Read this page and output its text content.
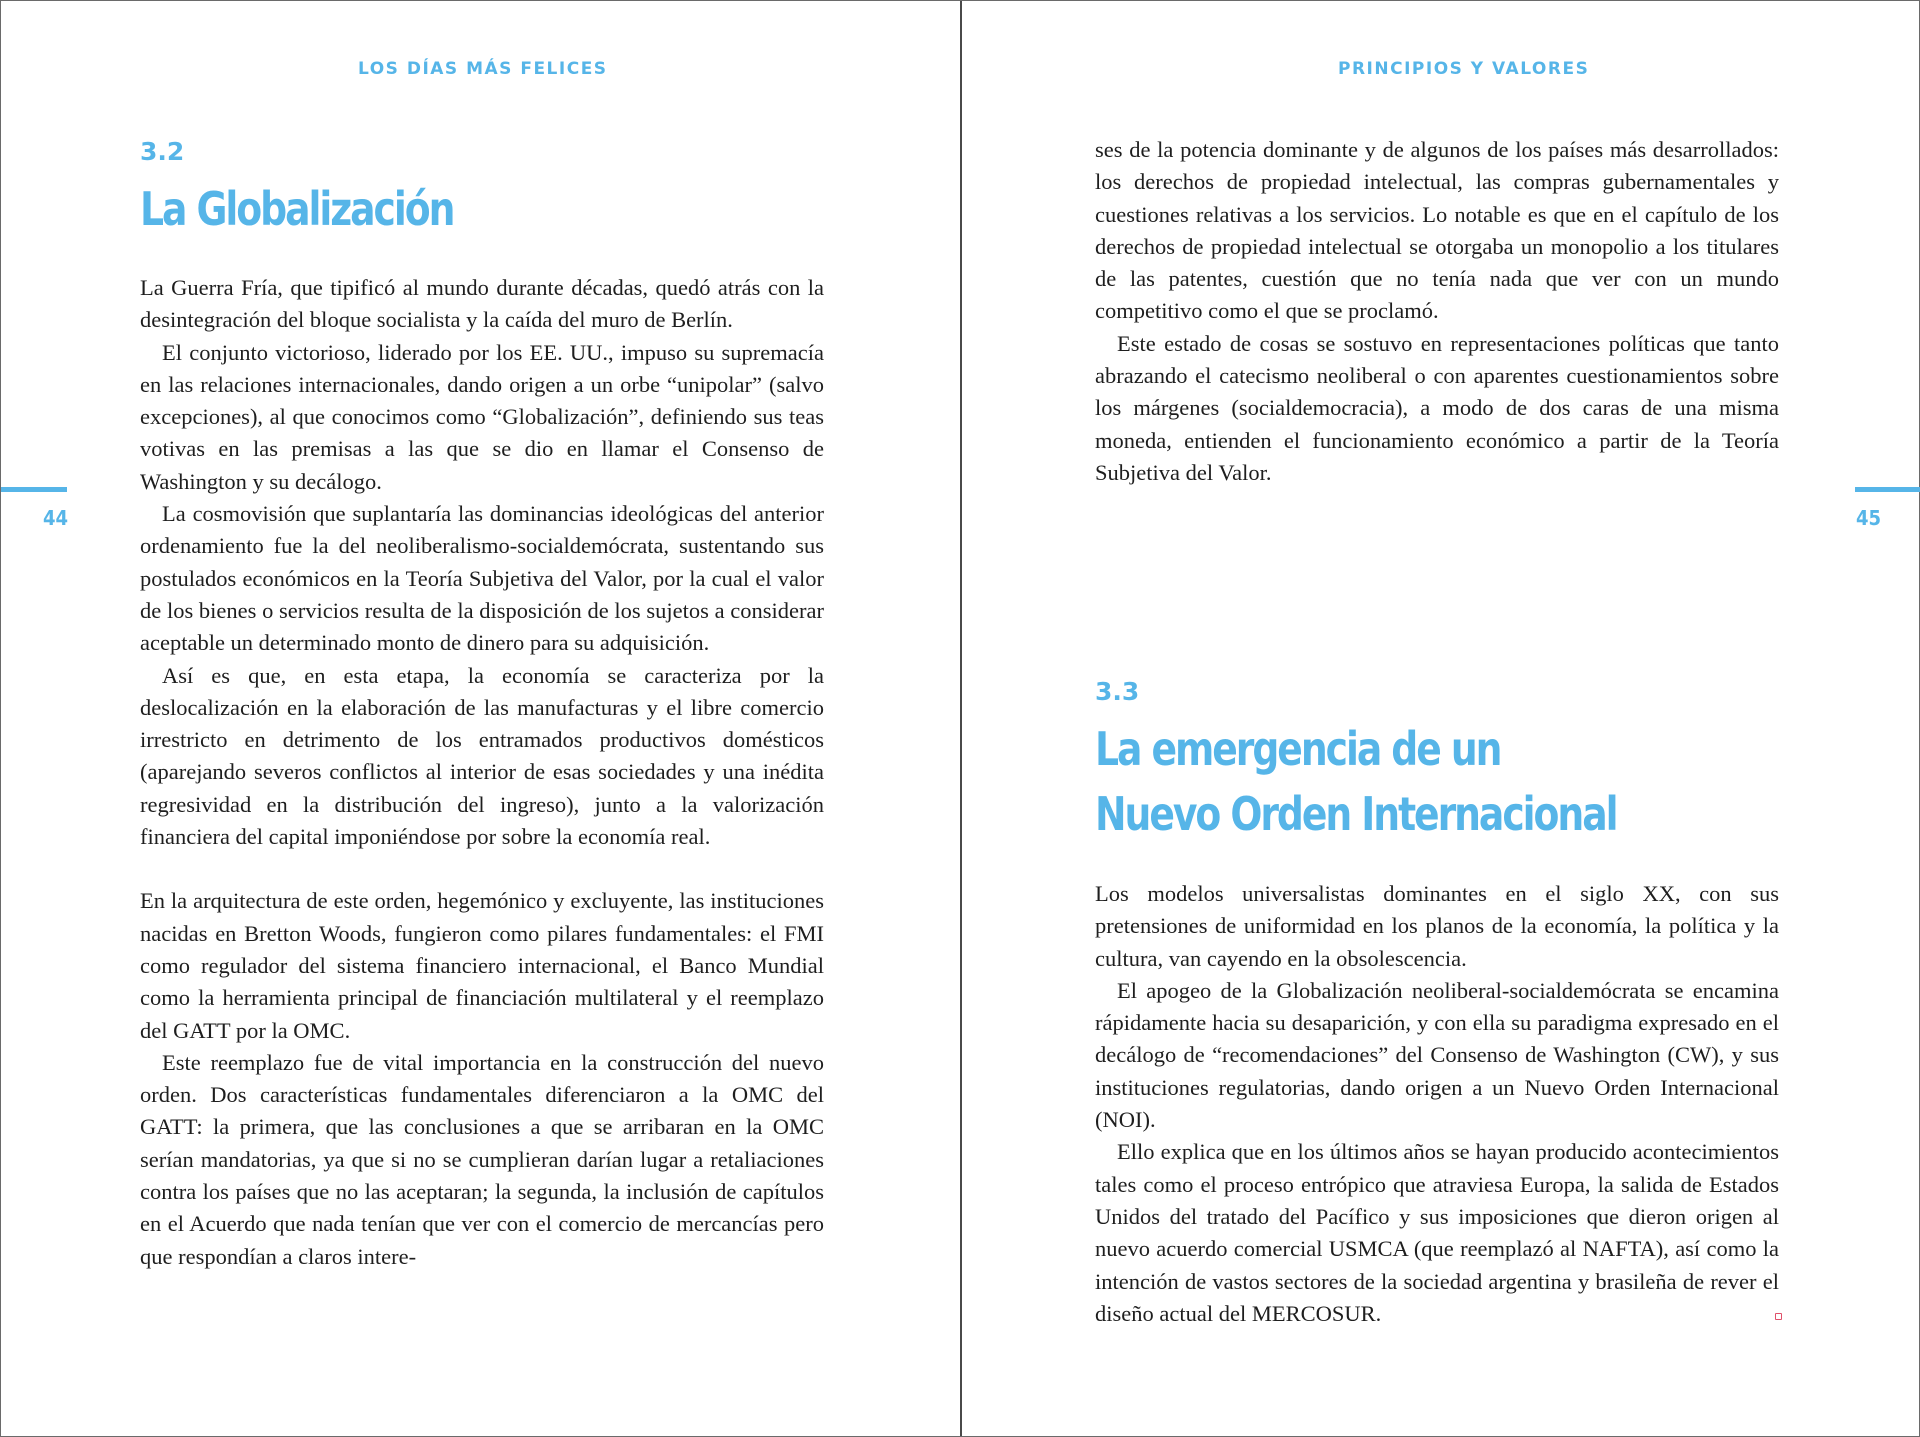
LOS DÍAS MÁS FELICES
44
3.2
La Globalización

La Guerra Fría, que tipificó al mundo durante décadas, quedó atrás con la desintegración del bloque socialista y la caída del muro de Berlín.

El conjunto victorioso, liderado por los EE. UU., impuso su supremacía en las relaciones internacionales, dando origen a un orbe “unipolar” (salvo excepciones), al que conocimos como “Globalización”, definiendo sus teas votivas en las premisas a las que se dio en llamar el Consenso de Washington y su decálogo.

La cosmovisión que suplantaría las dominancias ideológicas del anterior ordenamiento fue la del neoliberalismo-socialdemócrata, sustentando sus postulados económicos en la Teoría Subjetiva del Valor, por la cual el valor de los bienes o servicios resulta de la disposición de los sujetos a considerar aceptable un determinado monto de dinero para su adquisición.

Así es que, en esta etapa, la economía se caracteriza por la deslocalización en la elaboración de las manufacturas y el libre comercio irrestricto en detrimento de los entramados productivos domésticos (aparejando severos conflictos al interior de esas sociedades y una inédita regresividad en la distribución del ingreso), junto a la valorización financiera del capital imponiéndose por sobre la economía real.

En la arquitectura de este orden, hegemónico y excluyente, las instituciones nacidas en Bretton Woods, fungieron como pilares fundamentales: el FMI como regulador del sistema financiero internacional, el Banco Mundial como la herramienta principal de financiación multilateral y el reemplazo del GATT por la OMC.

Este reemplazo fue de vital importancia en la construcción del nuevo orden. Dos características fundamentales diferenciaron a la OMC del GATT: la primera, que las conclusiones a que se arribaran en la OMC serían mandatorias, ya que si no se cumplieran darían lugar a retaliaciones contra los países que no las aceptaran; la segunda, la inclusión de capítulos en el Acuerdo que nada tenían que ver con el comercio de mercancías pero que respondían a claros intere-

PRINCIPIOS Y VALORES
45

ses de la potencia dominante y de algunos de los países más desarrollados: los derechos de propiedad intelectual, las compras gubernamentales y cuestiones relativas a los servicios. Lo notable es que en el capítulo de los derechos de propiedad intelectual se otorgaba un monopolio a los titulares de las patentes, cuestión que no tenía nada que ver con un mundo competitivo como el que se proclamó.

Este estado de cosas se sostuvo en representaciones políticas que tanto abrazando el catecismo neoliberal o con aparentes cuestionamientos sobre los márgenes (socialdemocracia), a modo de dos caras de una misma moneda, entienden el funcionamiento económico a partir de la Teoría Subjetiva del Valor.

3.3
La emergencia de un
Nuevo Orden Internacional

Los modelos universalistas dominantes en el siglo XX, con sus pretensiones de uniformidad en los planos de la economía, la política y la cultura, van cayendo en la obsolescencia.

El apogeo de la Globalización neoliberal-socialdemócrata se encamina rápidamente hacia su desaparición, y con ella su paradigma expresado en el decálogo de “recomendaciones” del Consenso de Washington (CW), y sus instituciones regulatorias, dando origen a un Nuevo Orden Internacional (NOI).

Ello explica que en los últimos años se hayan producido acontecimientos tales como el proceso entrópico que atraviesa Europa, la salida de Estados Unidos del tratado del Pacífico y sus imposiciones que dieron origen al nuevo acuerdo comercial USMCA (que reemplazó al NAFTA), así como la intención de vastos sectores de la sociedad argentina y brasileña de rever el diseño actual del MERCOSUR.
